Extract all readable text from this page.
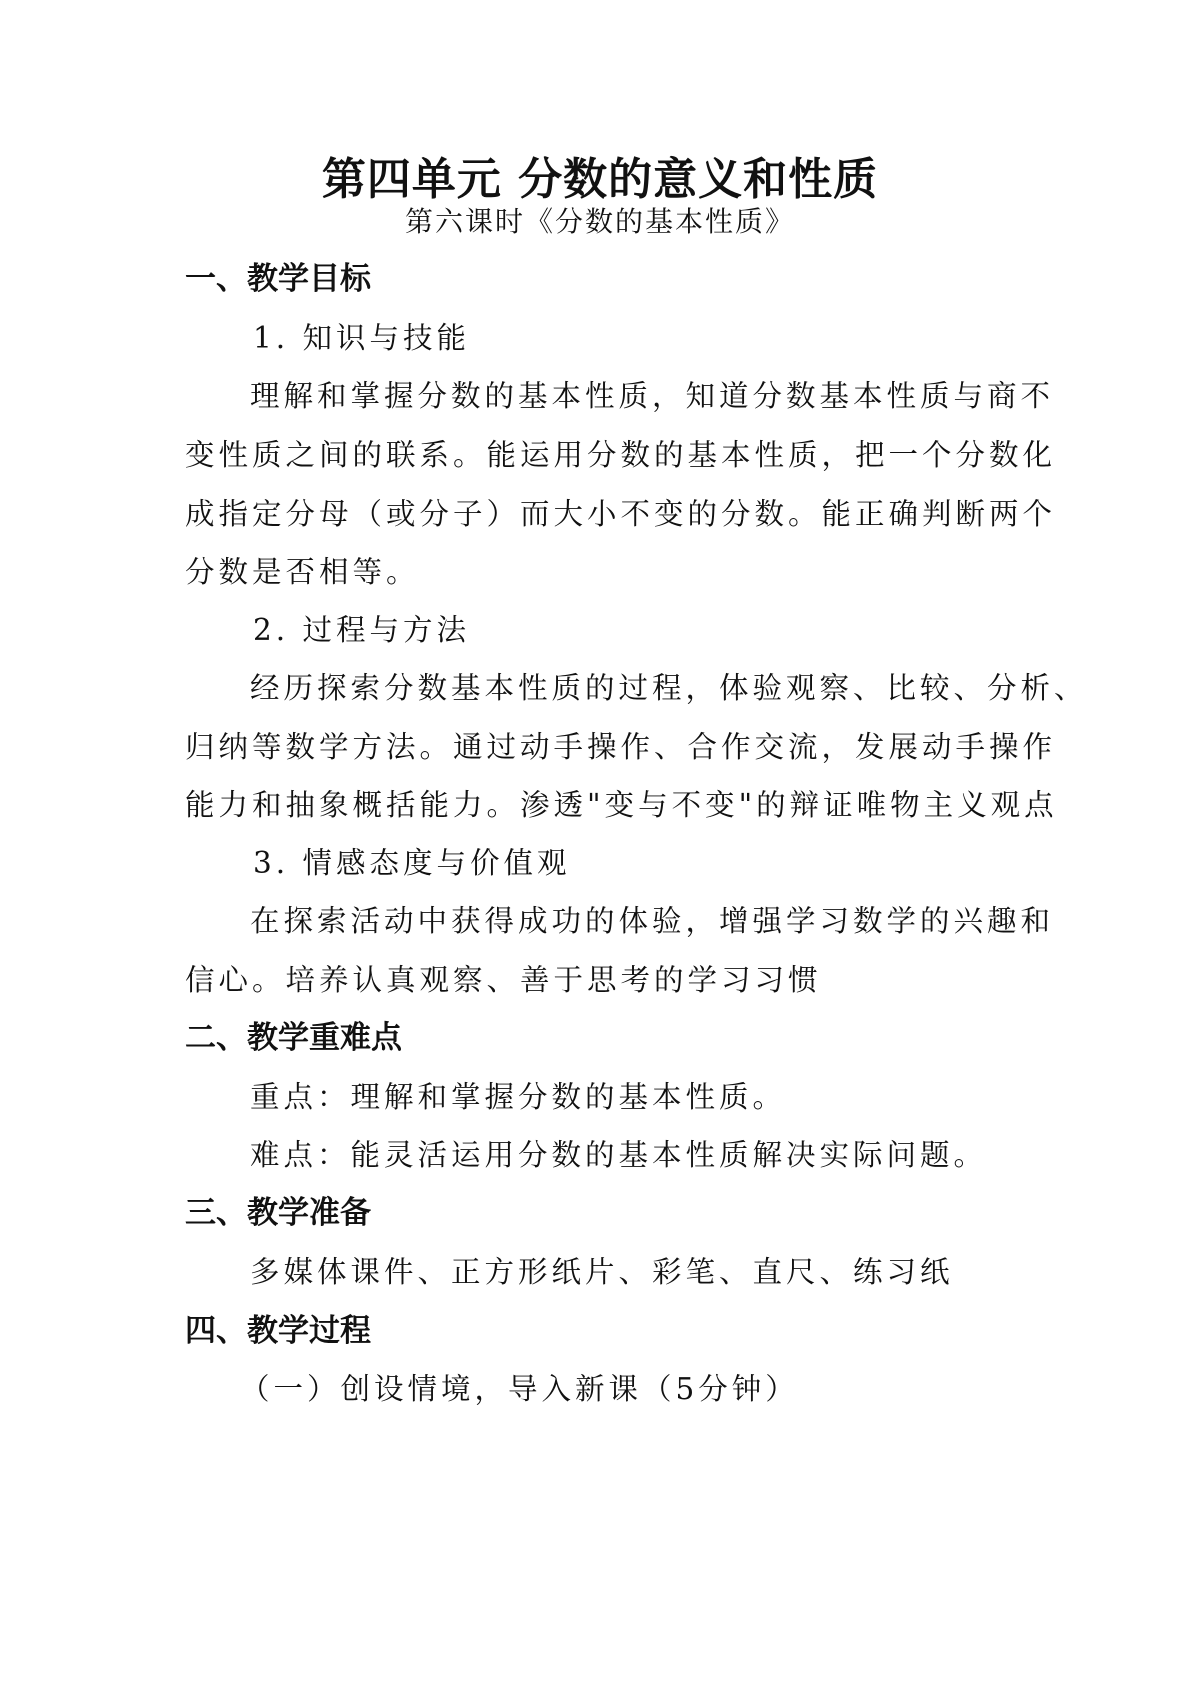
第四单元 分数的意义和性质
第六课时《分数的基本性质》
一、教学目标
1. 知识与技能
理解和掌握分数的基本性质，知道分数基本性质与商不
变性质之间的联系。能运用分数的基本性质，把一个分数化
成指定分母（或分子）而大小不变的分数。能正确判断两个
分数是否相等。
2. 过程与方法
经历探索分数基本性质的过程，体验观察、比较、分析、
归纳等数学方法。通过动手操作、合作交流，发展动手操作
能力和抽象概括能力。渗透"变与不变"的辩证唯物主义观点
3. 情感态度与价值观
在探索活动中获得成功的体验，增强学习数学的兴趣和
信心。培养认真观察、善于思考的学习习惯
二、教学重难点
重点：理解和掌握分数的基本性质。
难点：能灵活运用分数的基本性质解决实际问题。
三、教学准备
多媒体课件、正方形纸片、彩笔、直尺、练习纸
四、教学过程
（一）创设情境，导入新课（5分钟）
